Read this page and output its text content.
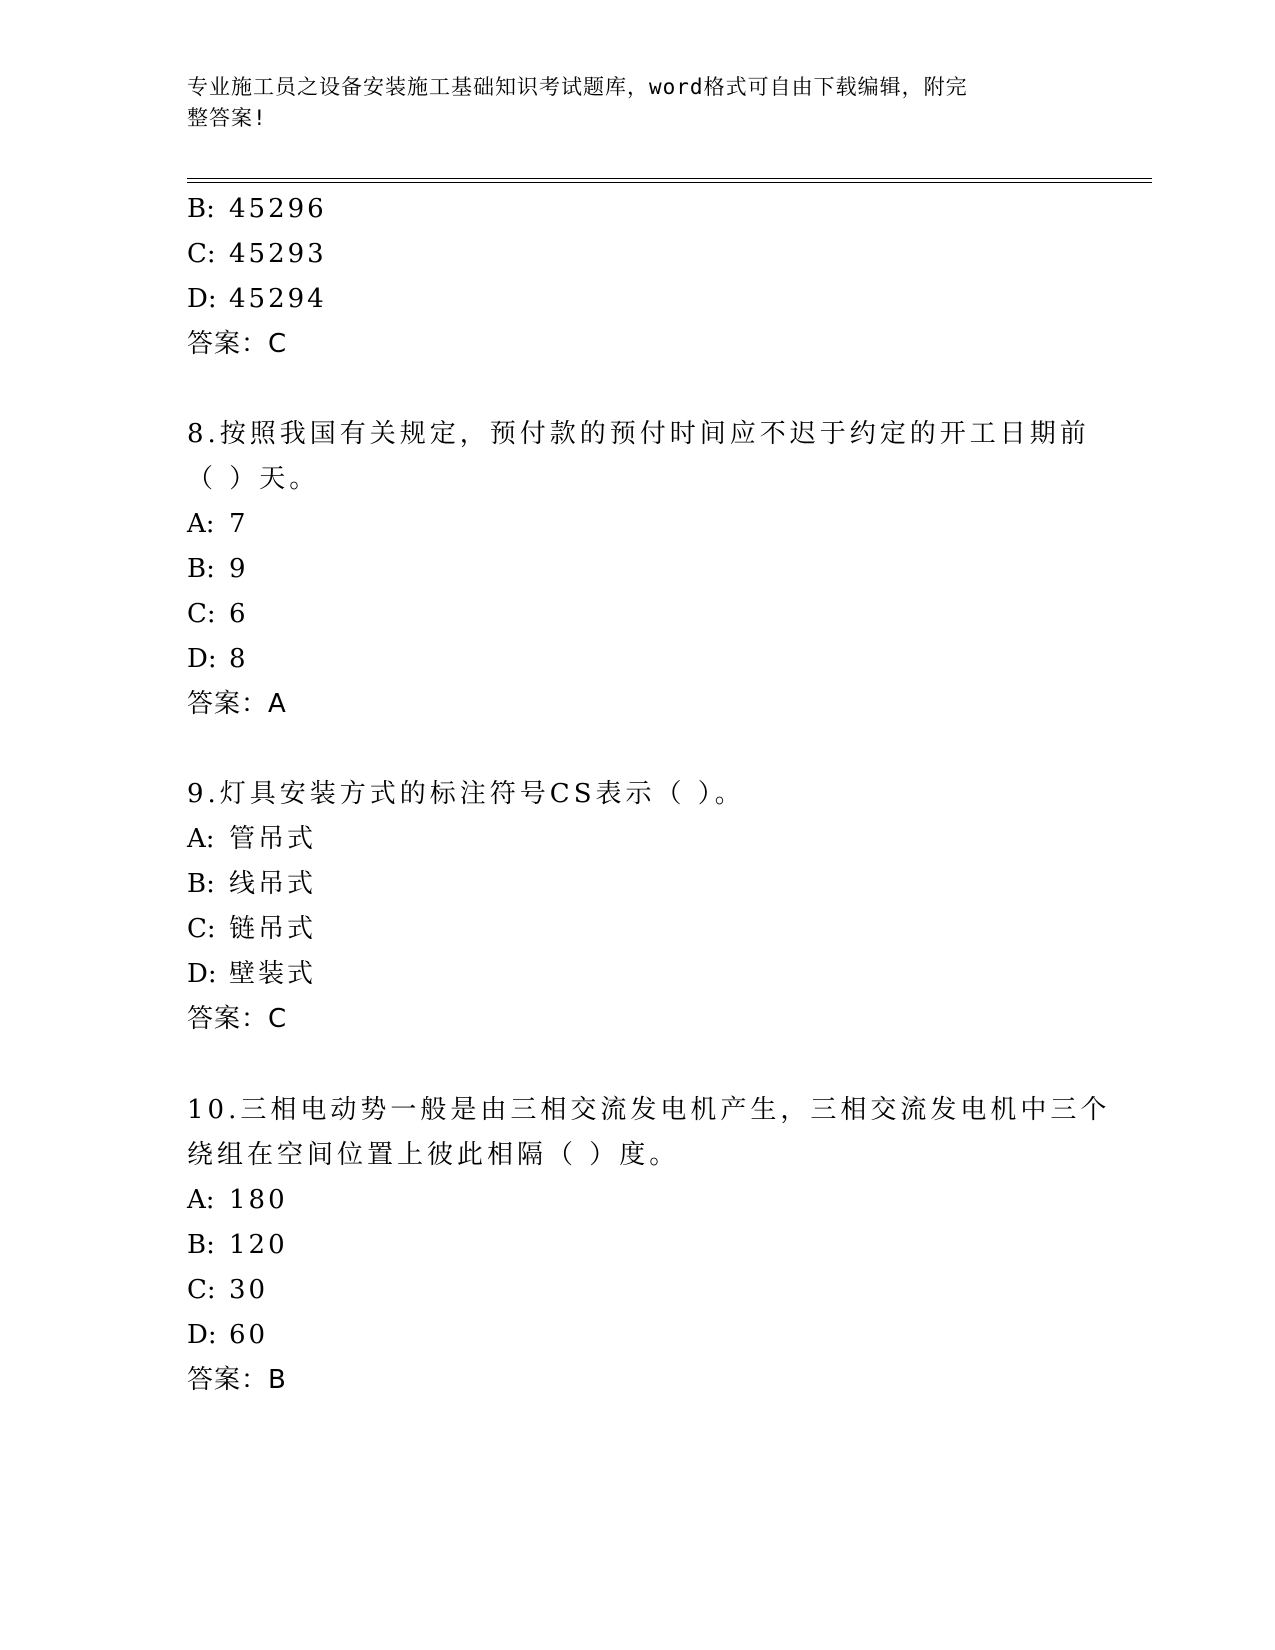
专业施工员之设备安装施工基础知识考试题库，word格式可自由下载编辑，附完
整答案!
B: 45296
C: 45293
D: 45294
答案：C
8.按照我国有关规定，预付款的预付时间应不迟于约定的开工日期前
（ ）天。
A: 7
B: 9
C: 6
D: 8
答案：A
9.灯具安装方式的标注符号CS表示（ ）。
A: 管吊式
B: 线吊式
C: 链吊式
D: 壁装式
答案：C
10.三相电动势一般是由三相交流发电机产生，三相交流发电机中三个
绕组在空间位置上彼此相隔（ ）度。
A: 180
B: 120
C: 30
D: 60
答案：B
